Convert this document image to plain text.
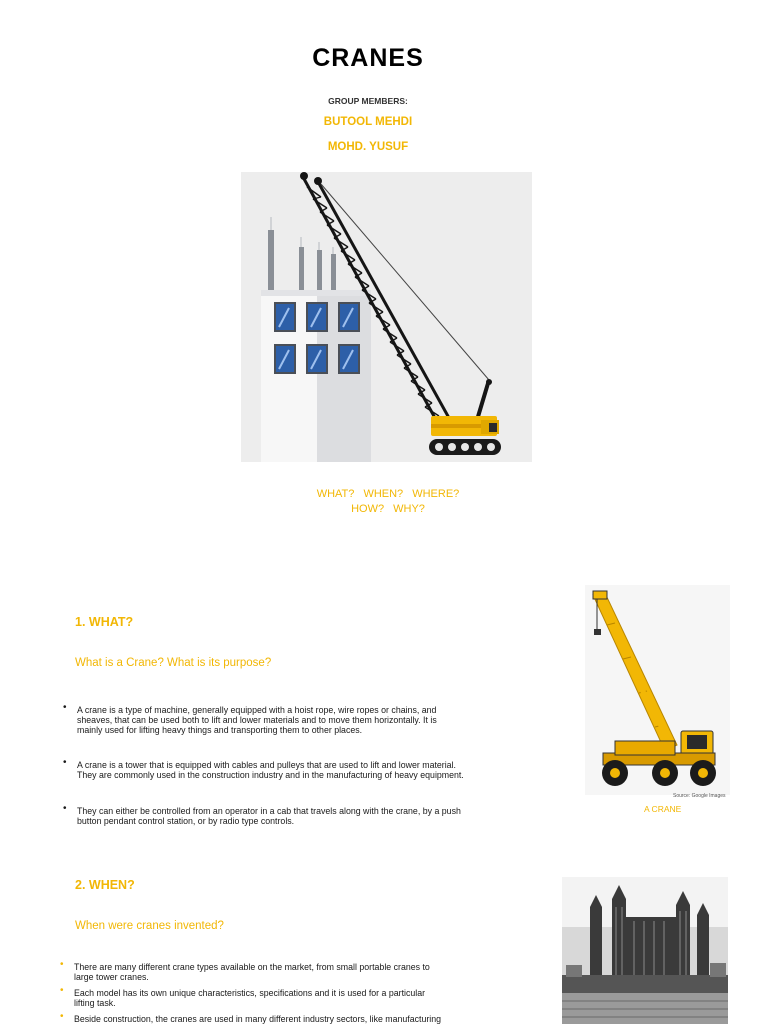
CRANES
GROUP MEMBERS:
BUTOOL MEHDI
MOHD. YUSUF
WHAT? WHEN? WHERE?
HOW? WHY?
1. WHAT?
What is a Crane? What is its purpose?
• A crane is a type of machine, generally equipped with a hoist rope, wire ropes or chains, and
sheaves, that can be used both to lift and lower materials and to move them horizontally. It is
mainly used for lifting heavy things and transporting them to other places.
• A crane is a tower that is equipped with cables and pulleys that are used to lift and lower material.
They are commonly used in the construction industry and in the manufacturing of heavy equipment.
• They can either be controlled from an operator in a cab that travels along with the crane, by a push
button pendant control station, or by radio type controls.
Source: Google Images
A CRANE
2. WHEN?
When were cranes invented?
• There are many different crane types available on the market, from small portable cranes to
large tower cranes.
• Each model has its own unique characteristics, specifications and it is used for a particular
lifting task.
• Beside construction, the cranes are used in many different industry sectors, like manufacturing
